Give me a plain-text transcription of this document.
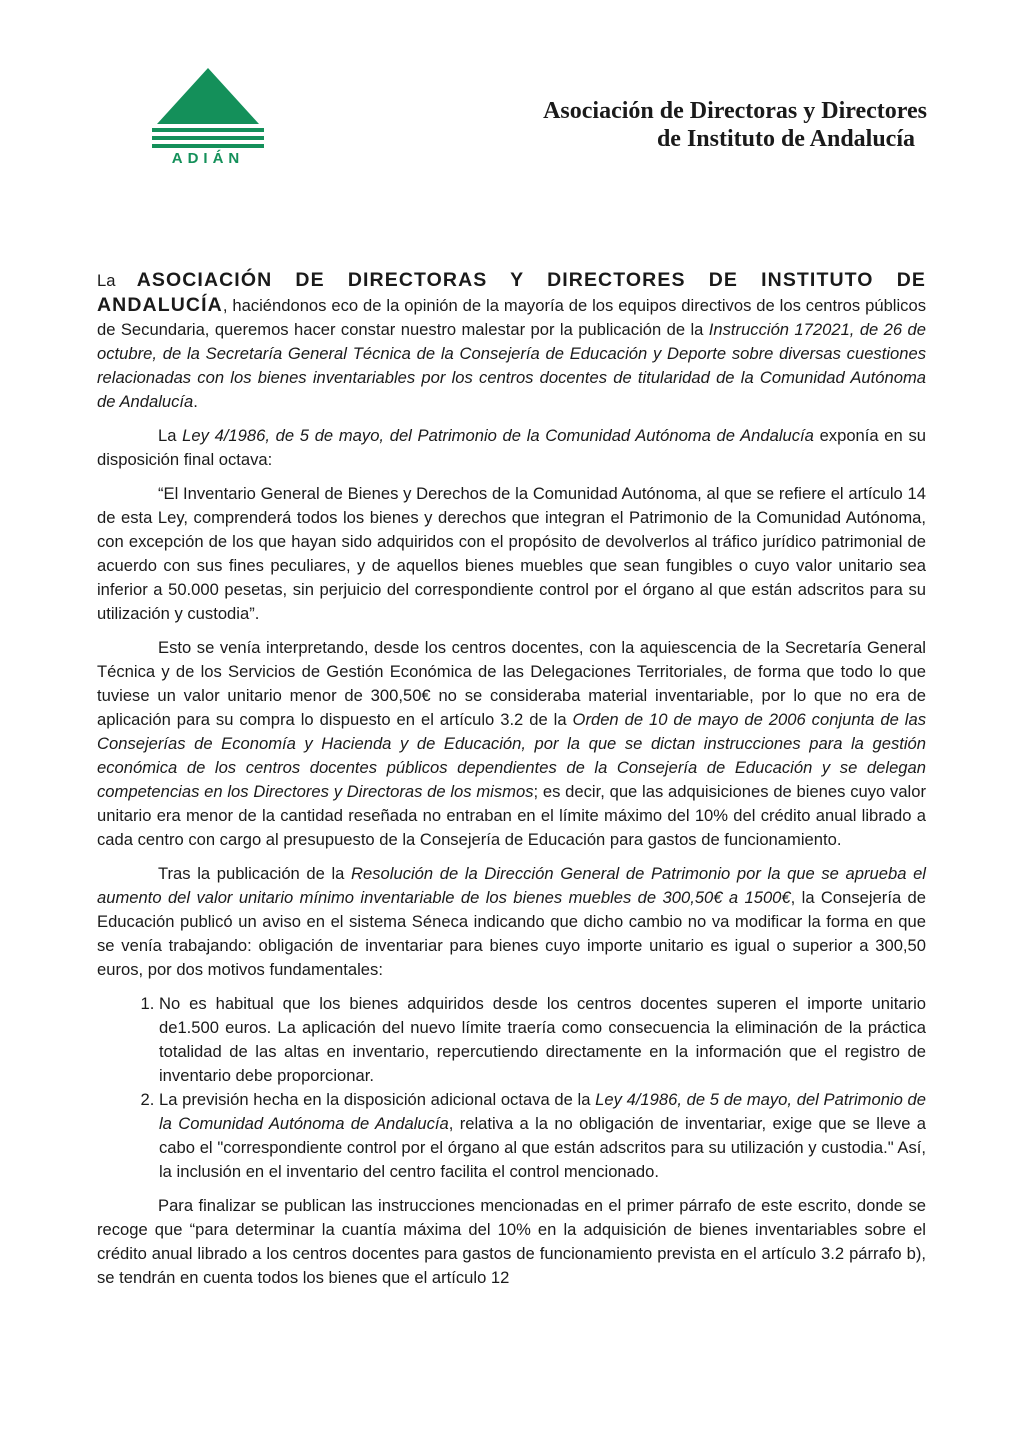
ADIÁN
Asociación de Directoras y Directores
de Instituto de Andalucía

La ASOCIACIÓN DE DIRECTORAS Y DIRECTORES DE INSTITUTO DE ANDALUCÍA, haciéndonos eco de la opinión de la mayoría de los equipos directivos de los centros públicos de Secundaria, queremos hacer constar nuestro malestar por la publicación de la Instrucción 172021, de 26 de octubre, de la Secretaría General Técnica de la Consejería de Educación y Deporte sobre diversas cuestiones relacionadas con los bienes inventariables por los centros docentes de titularidad de la Comunidad Autónoma de Andalucía.

La Ley 4/1986, de 5 de mayo, del Patrimonio de la Comunidad Autónoma de Andalucía exponía en su disposición final octava:

“El Inventario General de Bienes y Derechos de la Comunidad Autónoma, al que se refiere el artículo 14 de esta Ley, comprenderá todos los bienes y derechos que integran el Patrimonio de la Comunidad Autónoma, con excepción de los que hayan sido adquiridos con el propósito de devolverlos al tráfico jurídico patrimonial de acuerdo con sus fines peculiares, y de aquellos bienes muebles que sean fungibles o cuyo valor unitario sea inferior a 50.000 pesetas, sin perjuicio del correspondiente control por el órgano al que están adscritos para su utilización y custodia”.

Esto se venía interpretando, desde los centros docentes, con la aquiescencia de la Secretaría General Técnica y de los Servicios de Gestión Económica de las Delegaciones Territoriales, de forma que todo lo que tuviese un valor unitario menor de 300,50€ no se consideraba material inventariable, por lo que no era de aplicación para su compra lo dispuesto en el artículo 3.2 de la Orden de 10 de mayo de 2006 conjunta de las Consejerías de Economía y Hacienda y de Educación, por la que se dictan instrucciones para la gestión económica de los centros docentes públicos dependientes de la Consejería de Educación y se delegan competencias en los Directores y Directoras de los mismos; es decir, que las adquisiciones de bienes cuyo valor unitario era menor de la cantidad reseñada no entraban en el límite máximo del 10% del crédito anual librado a cada centro con cargo al presupuesto de la Consejería de Educación para gastos de funcionamiento.

Tras la publicación de la Resolución de la Dirección General de Patrimonio por la que se aprueba el aumento del valor unitario mínimo inventariable de los bienes muebles de 300,50€ a 1500€, la Consejería de Educación publicó un aviso en el sistema Séneca indicando que dicho cambio no va modificar la forma en que se venía trabajando: obligación de inventariar para bienes cuyo importe unitario es igual o superior a 300,50 euros, por dos motivos fundamentales:

1. No es habitual que los bienes adquiridos desde los centros docentes superen el importe unitario de1.500 euros. La aplicación del nuevo límite traería como consecuencia la eliminación de la práctica totalidad de las altas en inventario, repercutiendo directamente en la información que el registro de inventario debe proporcionar.
2. La previsión hecha en la disposición adicional octava de la Ley 4/1986, de 5 de mayo, del Patrimonio de la Comunidad Autónoma de Andalucía, relativa a la no obligación de inventariar, exige que se lleve a cabo el "correspondiente control por el órgano al que están adscritos para su utilización y custodia." Así, la inclusión en el inventario del centro facilita el control mencionado.

Para finalizar se publican las instrucciones mencionadas en el primer párrafo de este escrito, donde se recoge que “para determinar la cuantía máxima del 10% en la adquisición de bienes inventariables sobre el crédito anual librado a los centros docentes para gastos de funcionamiento prevista en el artículo 3.2 párrafo b), se tendrán en cuenta todos los bienes que el artículo 12
